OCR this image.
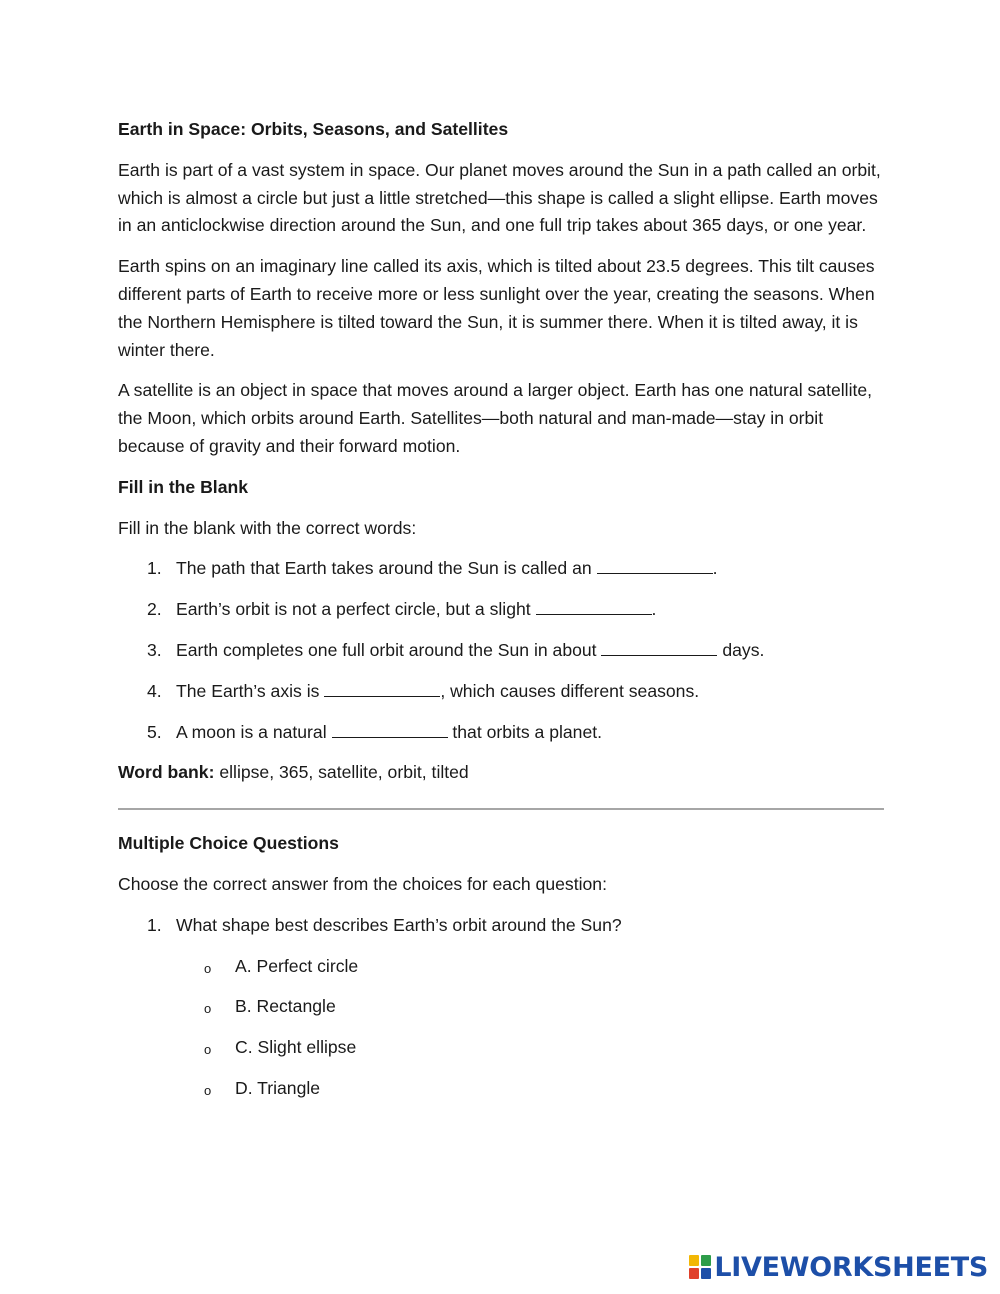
Earth in Space: Orbits, Seasons, and Satellites

Earth is part of a vast system in space. Our planet moves around the Sun in a path called an orbit, which is almost a circle but just a little stretched—this shape is called a slight ellipse. Earth moves in an anticlockwise direction around the Sun, and one full trip takes about 365 days, or one year.

Earth spins on an imaginary line called its axis, which is tilted about 23.5 degrees. This tilt causes different parts of Earth to receive more or less sunlight over the year, creating the seasons. When the Northern Hemisphere is tilted toward the Sun, it is summer there. When it is tilted away, it is winter there.

A satellite is an object in space that moves around a larger object. Earth has one natural satellite, the Moon, which orbits around Earth. Satellites—both natural and man-made—stay in orbit because of gravity and their forward motion.

Fill in the Blank

Fill in the blank with the correct words:

1. The path that Earth takes around the Sun is called an	.
2. Earth’s orbit is not a perfect circle, but a slight	.
3. Earth completes one full orbit around the Sun in about	days.
4. The Earth’s axis is	, which causes different seasons.
5. A moon is a natural	that orbits a planet.

Word bank: ellipse, 365, satellite, orbit, tilted

Multiple Choice Questions

Choose the correct answer from the choices for each question:

1. What shape best describes Earth’s orbit around the Sun?
o A. Perfect circle
o B. Rectangle
o C. Slight ellipse
o D. Triangle
LIVEWORKSHEETS
